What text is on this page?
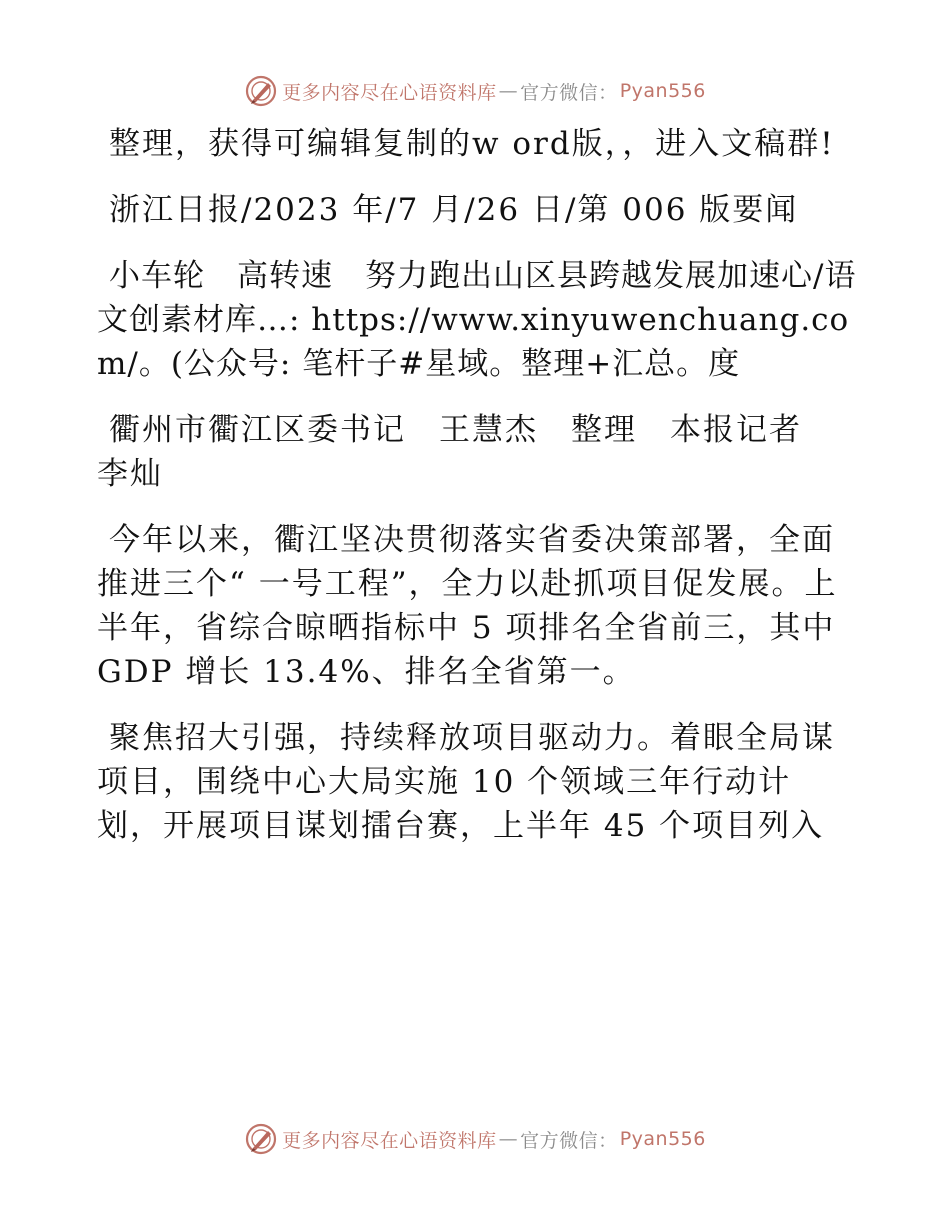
更多内容尽在心语资料库 — 官方微信： Pyan556

整理，获得可编辑复制的w ord版，，进入文稿群!

浙江日报/2023 年/7 月/26 日/第 006 版要闻

小车轮　高转速　努力跑出山区县跨越发展加速心/语文创素材库…: https://www.xinyuwenchuang.com/。(公众号: 笔杆子#星域。整理+汇总。度

衢州市衢江区委书记　王慧杰　整理　本报记者　李灿

今年以来，衢江坚决贯彻落实省委决策部署，全面推进三个“ 一号工程”，全力以赴抓项目促发展。上半年，省综合晾晒指标中 5 项排名全省前三，其中 GDP 增长 13.4%、排名全省第一。

聚焦招大引强，持续释放项目驱动力。着眼全局谋项目，围绕中心大局实施 10 个领域三年行动计划，开展项目谋划擂台赛，上半年 45 个项目列入

更多内容尽在心语资料库 — 官方微信： Pyan556
